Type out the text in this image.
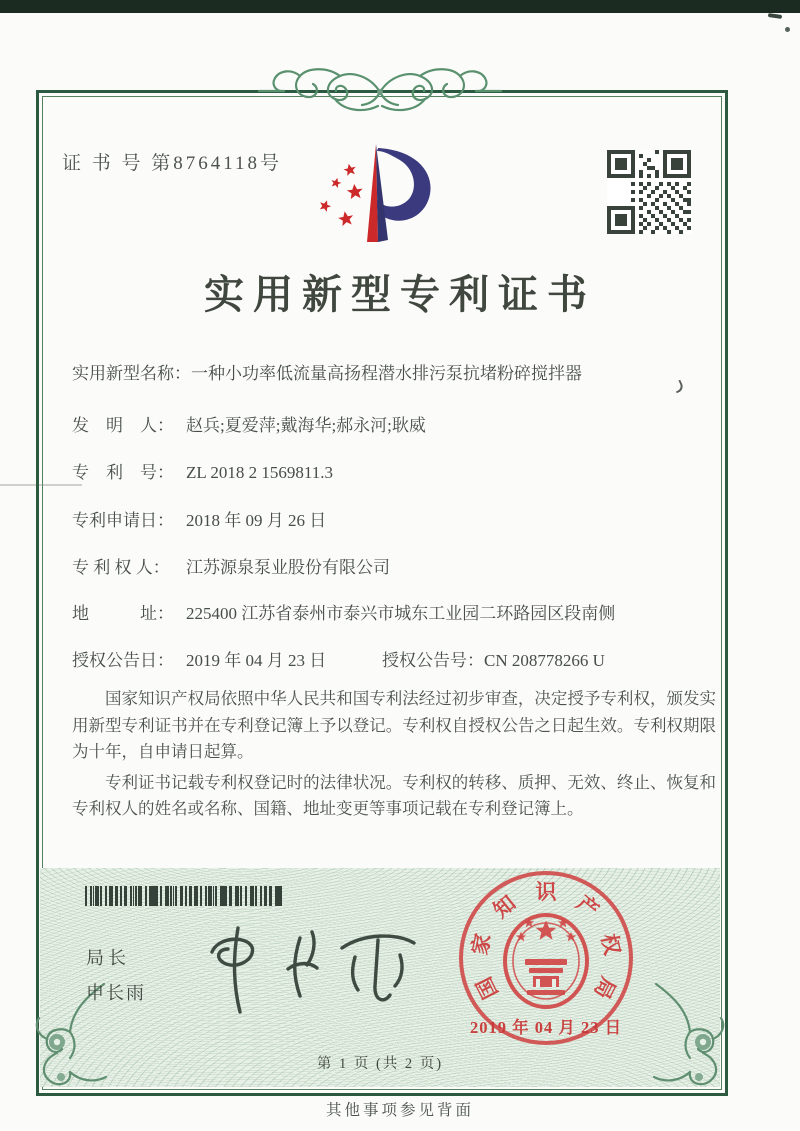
证 书 号 第8764118号
实用新型专利证书
实用新型名称：一种小功率低流量高扬程潜水排污泵抗堵粉碎搅拌器
发　明　人： 赵兵;夏爱萍;戴海华;郝永河;耿威
专　利　号： ZL 2018 2 1569811.3
专利申请日： 2018 年 09 月 26 日
专 利 权 人： 江苏源泉泵业股份有限公司
地　　　址： 225400 江苏省泰州市泰兴市城东工业园二环路园区段南侧
授权公告日： 2019 年 04 月 23 日	授权公告号：CN 208778266 U

国家知识产权局依照中华人民共和国专利法经过初步审查，决定授予专利权，颁发实用新型专利证书并在专利登记簿上予以登记。专利权自授权公告之日起生效。专利权期限为十年，自申请日起算。

专利证书记载专利权登记时的法律状况。专利权的转移、质押、无效、终止、恢复和专利权人的姓名或名称、国籍、地址变更等事项记载在专利登记簿上。

局长
申长雨	国
家
知 识 产
权
局
2019 年 04 月 23 日
第 1 页 (共 2 页)
其他事项参见背面
